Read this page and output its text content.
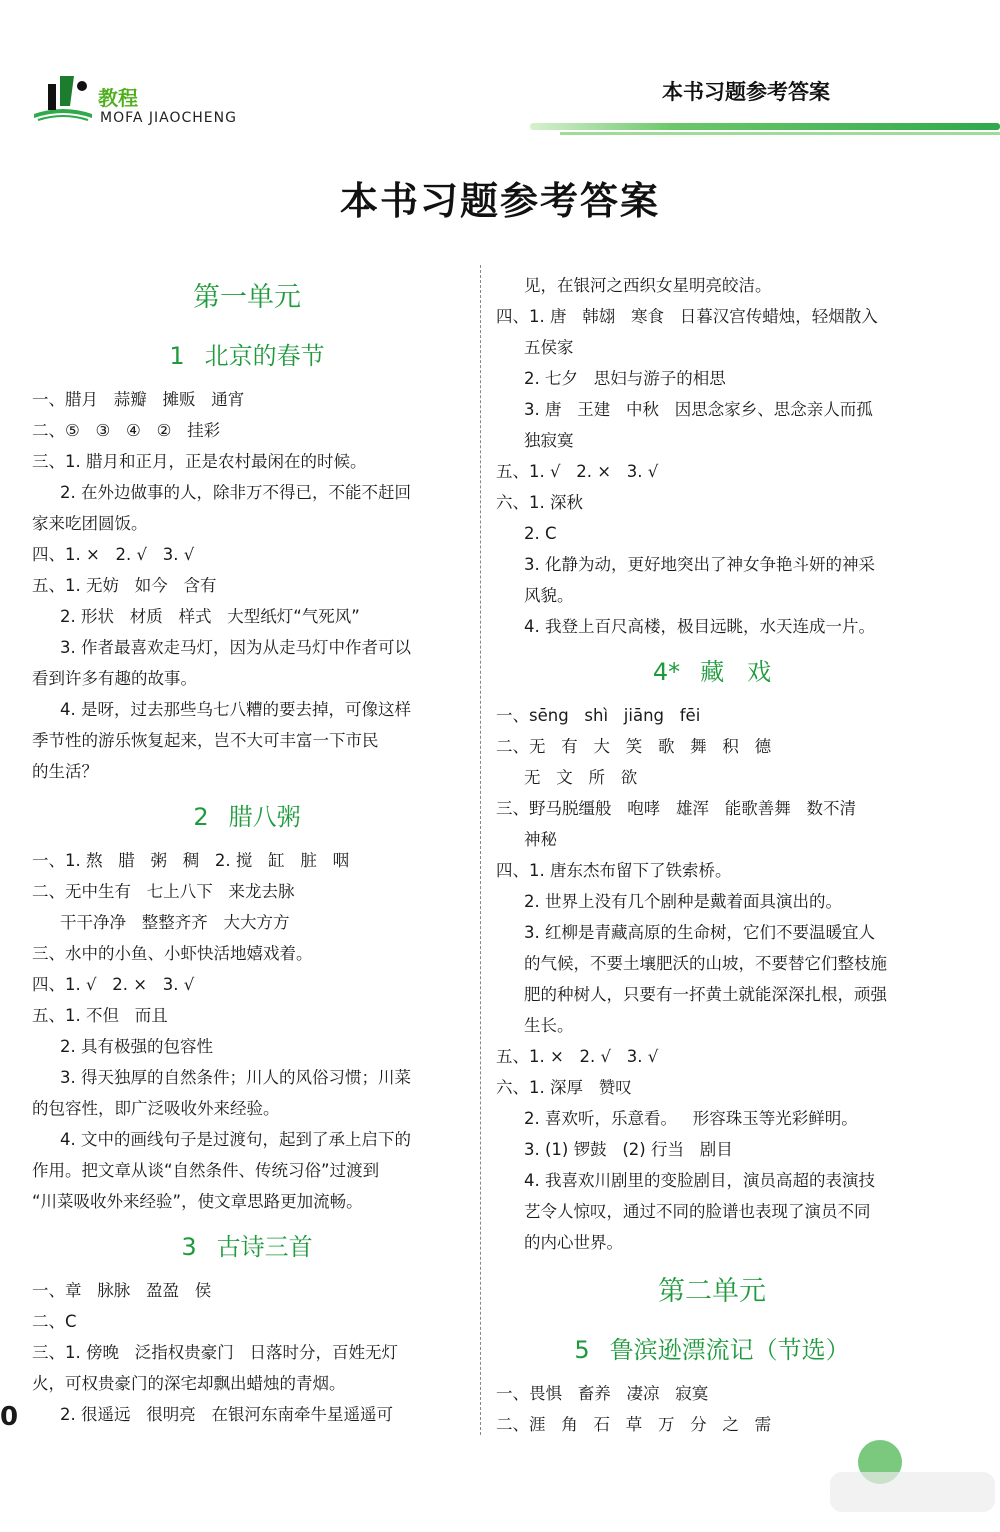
教程
MOFA JIAOCHENG
本书习题参考答案
本书习题参考答案
第一单元
1 北京的春节
一、腊月   蒜瓣   摊贩   通宵
二、⑤   ③   ④   ②   挂彩
三、1. 腊月和正月，正是农村最闲在的时候。
2. 在外边做事的人，除非万不得已，不能不赶回
家来吃团圆饭。
四、1. ×   2. √   3. √
五、1. 无妨   如今   含有
2. 形状   材质   样式   大型纸灯“气死风”
3. 作者最喜欢走马灯，因为从走马灯中作者可以
看到许多有趣的故事。
4. 是呀，过去那些乌七八糟的要去掉，可像这样
季节性的游乐恢复起来，岂不大可丰富一下市民
的生活？
2 腊八粥
一、1. 熬   腊   粥   稠   2. 搅   缸   脏   咽
二、无中生有   七上八下   来龙去脉
干干净净   整整齐齐   大大方方
三、水中的小鱼、小虾快活地嬉戏着。
四、1. √   2. ×   3. √
五、1. 不但   而且
2. 具有极强的包容性
3. 得天独厚的自然条件；川人的风俗习惯；川菜
的包容性，即广泛吸收外来经验。
4. 文中的画线句子是过渡句，起到了承上启下的
作用。把文章从谈“自然条件、传统习俗”过渡到
“川菜吸收外来经验”，使文章思路更加流畅。
3 古诗三首
一、章   脉脉   盈盈   侯
二、C
三、1. 傍晚   泛指权贵豪门   日落时分，百姓无灯
火，可权贵豪门的深宅却飘出蜡烛的青烟。
2. 很遥远   很明亮   在银河东南牵牛星遥遥可
见，在银河之西织女星明亮皎洁。
四、1. 唐   韩翃   寒食   日暮汉宫传蜡烛，轻烟散入
五侯家
2. 七夕   思妇与游子的相思
3. 唐   王建   中秋   因思念家乡、思念亲人而孤
独寂寞
五、1. √   2. ×   3. √
六、1. 深秋
2. C
3. 化静为动，更好地突出了神女争艳斗妍的神采
风貌。
4. 我登上百尺高楼，极目远眺，水天连成一片。
4* 藏   戏
一、sēng   shì   jiāng   fēi
二、无   有   大   笑   歌   舞   积   德
无   文   所   欲
三、野马脱缰般   咆哮   雄浑   能歌善舞   数不清
神秘
四、1. 唐东杰布留下了铁索桥。
2. 世界上没有几个剧种是戴着面具演出的。
3. 红柳是青藏高原的生命树，它们不要温暖宜人
的气候，不要土壤肥沃的山坡，不要替它们整枝施
肥的种树人，只要有一抔黄土就能深深扎根，顽强
生长。
五、1. ×   2. √   3. √
六、1. 深厚   赞叹
2. 喜欢听，乐意看。   形容珠玉等光彩鲜明。
3. (1) 锣鼓   (2) 行当   剧目
4. 我喜欢川剧里的变脸剧目，演员高超的表演技
艺令人惊叹，通过不同的脸谱也表现了演员不同
的内心世界。
第二单元
5 鲁滨逊漂流记（节选）
一、畏惧   畜养   凄凉   寂寞
二、涯   角   石   草   万   分   之   需
0
